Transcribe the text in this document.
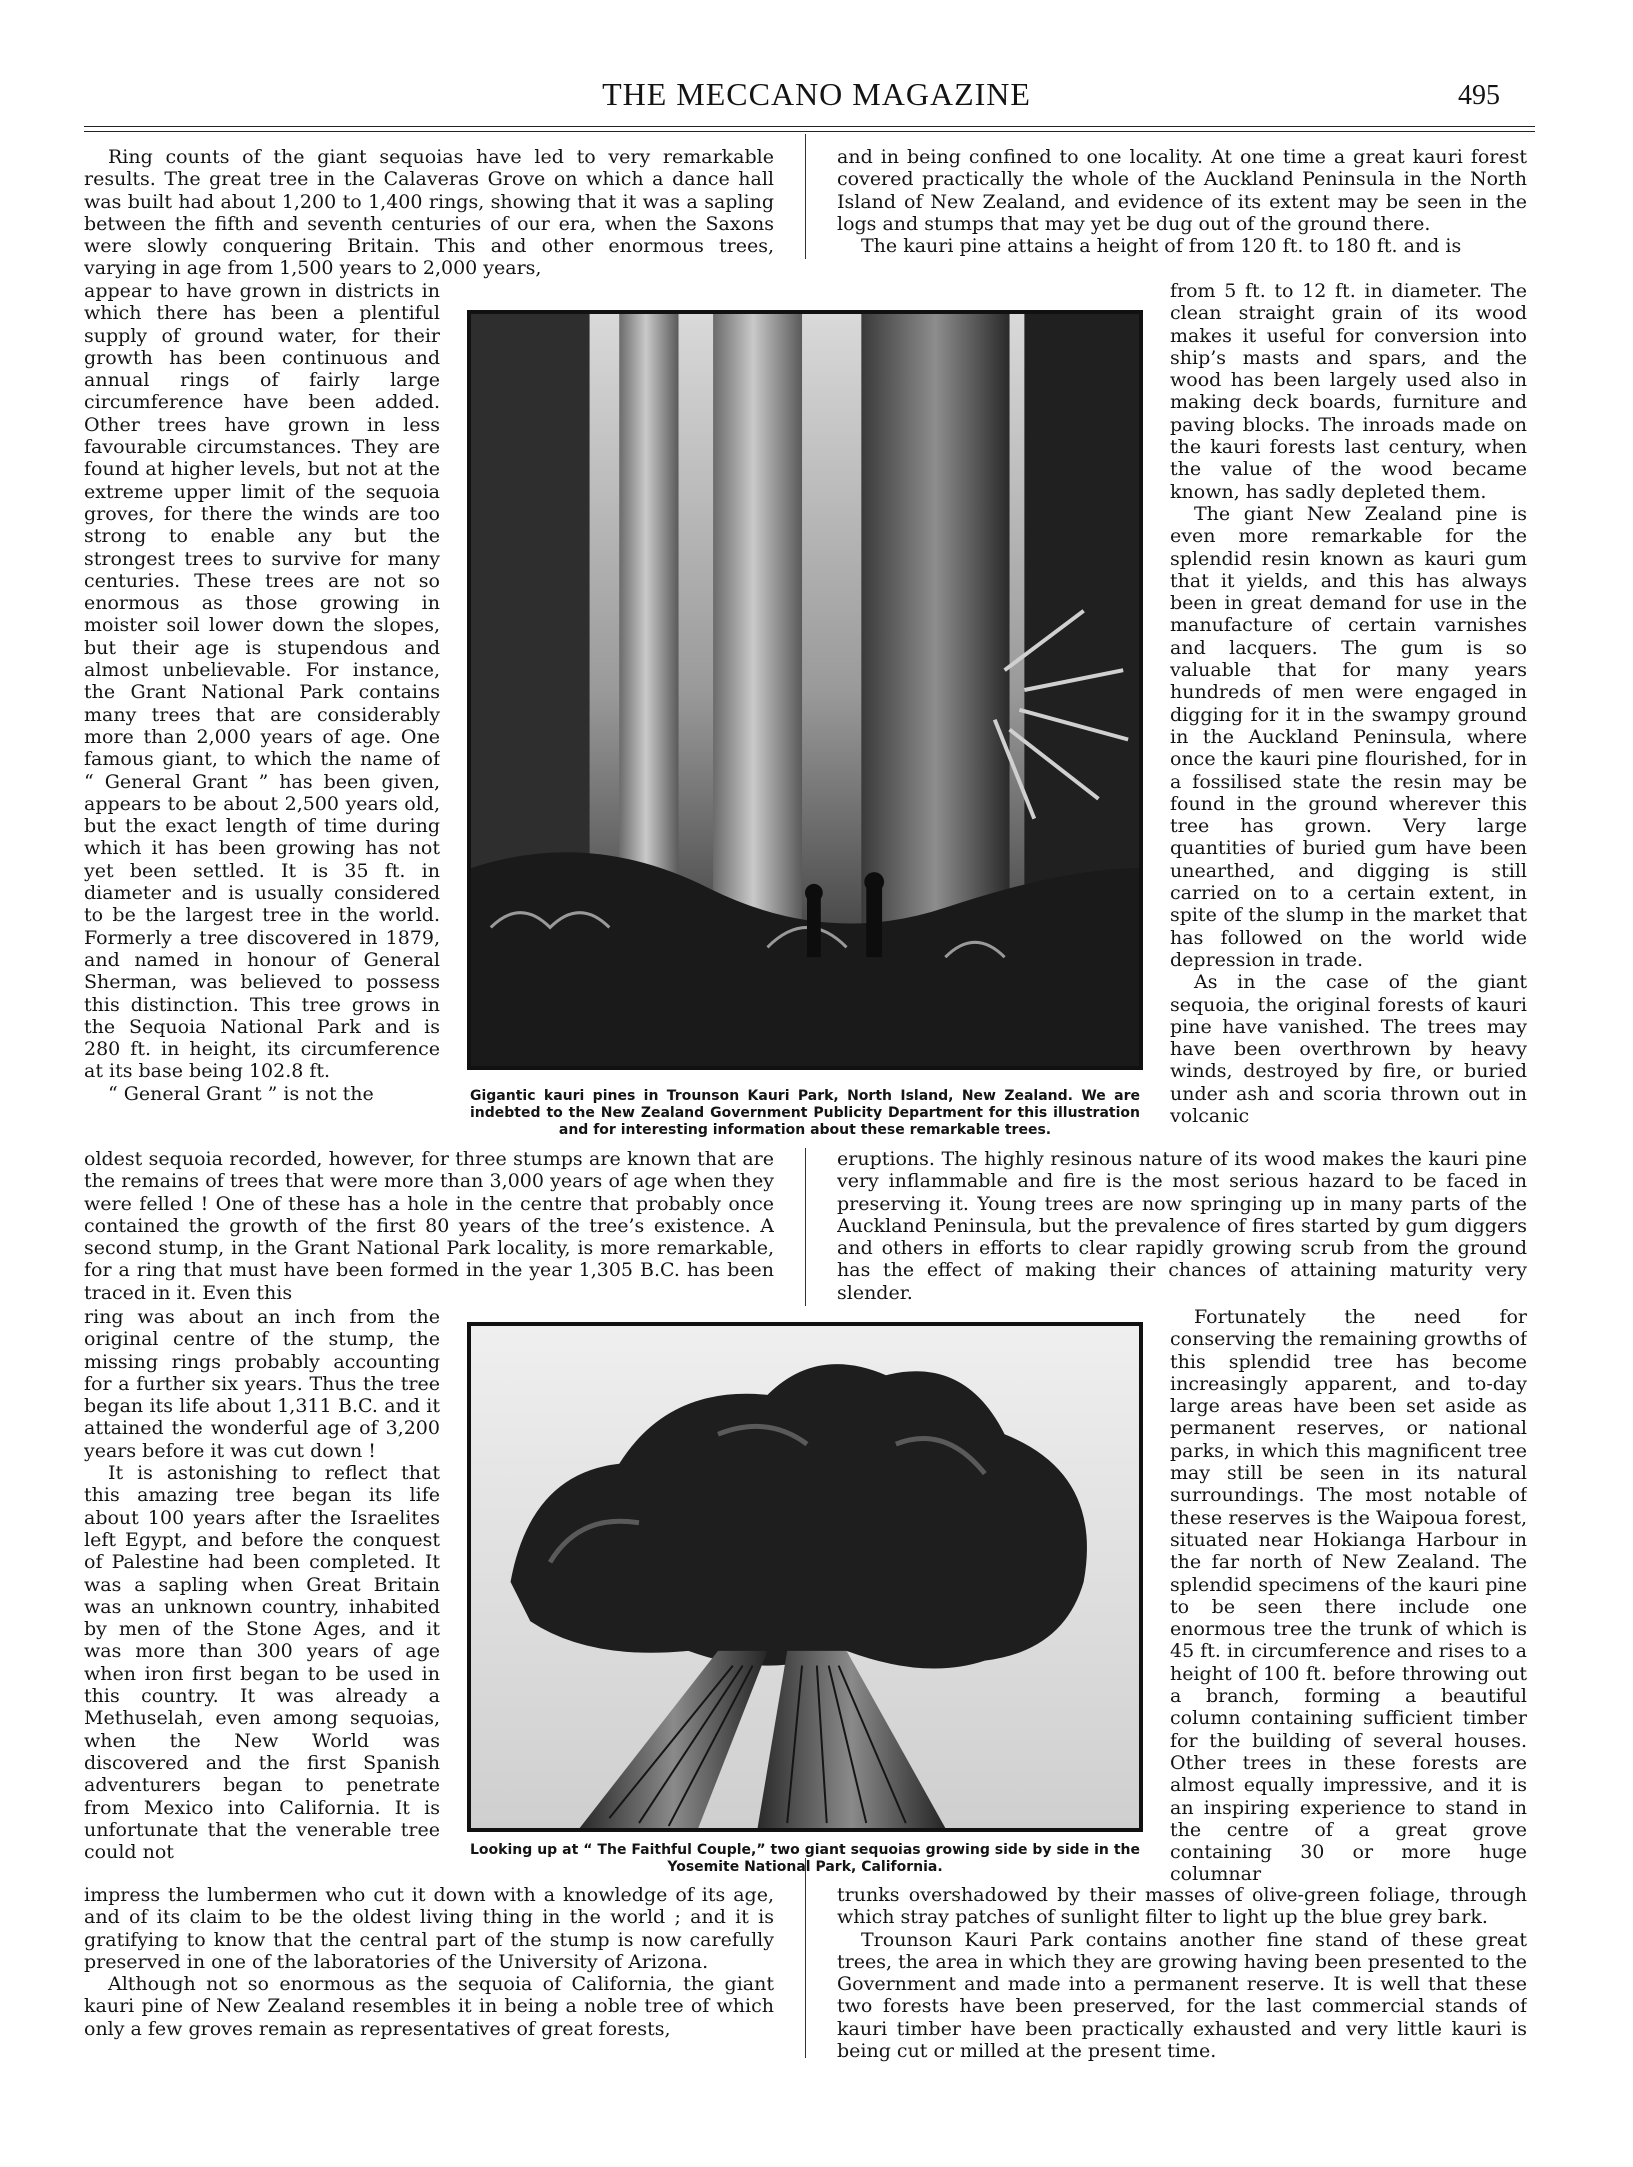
THE MECCANO MAGAZINE	495

Ring counts of the giant sequoias have led to very remarkable results. The great tree in the Calaveras Grove on which a dance hall was built had about 1,200 to 1,400 rings, showing that it was a sapling between the fifth and seventh centuries of our era, when the Saxons were slowly conquering Britain. This and other enormous trees, varying in age from 1,500 years to 2,000 years,

and in being confined to one locality. At one time a great kauri forest covered practically the whole of the Auckland Peninsula in the North Island of New Zealand, and evidence of its extent may be seen in the logs and stumps that may yet be dug out of the ground there.

The kauri pine attains a height of from 120 ft. to 180 ft. and is

Gigantic kauri pines in Trounson Kauri Park, North Island, New Zealand. We are indebted to the New Zealand Government Publicity Department for this illustration and for interesting information about these remarkable trees.

appear to have grown in districts in which there has been a plentiful supply of ground water, for their growth has been continuous and annual rings of fairly large circumference have been added. Other trees have grown in less favourable circumstances. They are found at higher levels, but not at the extreme upper limit of the sequoia groves, for there the winds are too strong to enable any but the strongest trees to survive for many centuries. These trees are not so enormous as those growing in moister soil lower down the slopes, but their age is stupendous and almost unbelievable. For instance, the Grant National Park contains many trees that are considerably more than 2,000 years of age. One famous giant, to which the name of “ General Grant ” has been given, appears to be about 2,500 years old, but the exact length of time during which it has been growing has not yet been settled. It is 35 ft. in diameter and is usually considered to be the largest tree in the world. Formerly a tree discovered in 1879, and named in honour of General Sherman, was believed to possess this distinction. This tree grows in the Sequoia National Park and is 280 ft. in height, its circumference at its base being 102.8 ft.

“ General Grant ” is not the

from 5 ft. to 12 ft. in diameter. The clean straight grain of its wood makes it useful for conversion into ship’s masts and spars, and the wood has been largely used also in making deck boards, furniture and paving blocks. The inroads made on the kauri forests last century, when the value of the wood became known, has sadly depleted them.

The giant New Zealand pine is even more remarkable for the splendid resin known as kauri gum that it yields, and this has always been in great demand for use in the manufacture of certain varnishes and lacquers. The gum is so valuable that for many years hundreds of men were engaged in digging for it in the swampy ground in the Auckland Peninsula, where once the kauri pine flourished, for in a fossilised state the resin may be found in the ground wherever this tree has grown. Very large quantities of buried gum have been unearthed, and digging is still carried on to a certain extent, in spite of the slump in the market that has followed on the world wide depression in trade.

As in the case of the giant sequoia, the original forests of kauri pine have vanished. The trees may have been overthrown by heavy winds, destroyed by fire, or buried under ash and scoria thrown out in volcanic

oldest sequoia recorded, however, for three stumps are known that are the remains of trees that were more than 3,000 years of age when they were felled ! One of these has a hole in the centre that probably once contained the growth of the first 80 years of the tree’s existence. A second stump, in the Grant National Park locality, is more remarkable, for a ring that must have been formed in the year 1,305 B.C. has been traced in it. Even this

eruptions. The highly resinous nature of its wood makes the kauri pine very inflammable and fire is the most serious hazard to be faced in preserving it. Young trees are now springing up in many parts of the Auckland Peninsula, but the prevalence of fires started by gum diggers and others in efforts to clear rapidly growing scrub from the ground has the effect of making their chances of attaining maturity very slender.

Looking up at “ The Faithful Couple,” two giant sequoias growing side by side in the Yosemite National Park, California.

ring was about an inch from the original centre of the stump, the missing rings probably accounting for a further six years. Thus the tree began its life about 1,311 B.C. and it attained the wonderful age of 3,200 years before it was cut down !

It is astonishing to reflect that this amazing tree began its life about 100 years after the Israelites left Egypt, and before the conquest of Palestine had been completed. It was a sapling when Great Britain was an unknown country, inhabited by men of the Stone Ages, and it was more than 300 years of age when iron first began to be used in this country. It was already a Methuselah, even among sequoias, when the New World was discovered and the first Spanish adventurers began to penetrate from Mexico into California. It is unfortunate that the venerable tree could not

Fortunately the need for conserving the remaining growths of this splendid tree has become increasingly apparent, and to-day large areas have been set aside as permanent reserves, or national parks, in which this magnificent tree may still be seen in its natural surroundings. The most notable of these reserves is the Waipoua forest, situated near Hokianga Harbour in the far north of New Zealand. The splendid specimens of the kauri pine to be seen there include one enormous tree the trunk of which is 45 ft. in circumference and rises to a height of 100 ft. before throwing out a branch, forming a beautiful column containing sufficient timber for the building of several houses. Other trees in these forests are almost equally impressive, and it is an inspiring experience to stand in the centre of a great grove containing 30 or more huge columnar

impress the lumbermen who cut it down with a knowledge of its age, and of its claim to be the oldest living thing in the world ; and it is gratifying to know that the central part of the stump is now carefully preserved in one of the laboratories of the University of Arizona.

Although not so enormous as the sequoia of California, the giant kauri pine of New Zealand resembles it in being a noble tree of which only a few groves remain as representatives of great forests,

trunks overshadowed by their masses of olive-green foliage, through which stray patches of sunlight filter to light up the blue grey bark.

Trounson Kauri Park contains another fine stand of these great trees, the area in which they are growing having been presented to the Government and made into a permanent reserve. It is well that these two forests have been preserved, for the last commercial stands of kauri timber have been practically exhausted and very little kauri is being cut or milled at the present time.
